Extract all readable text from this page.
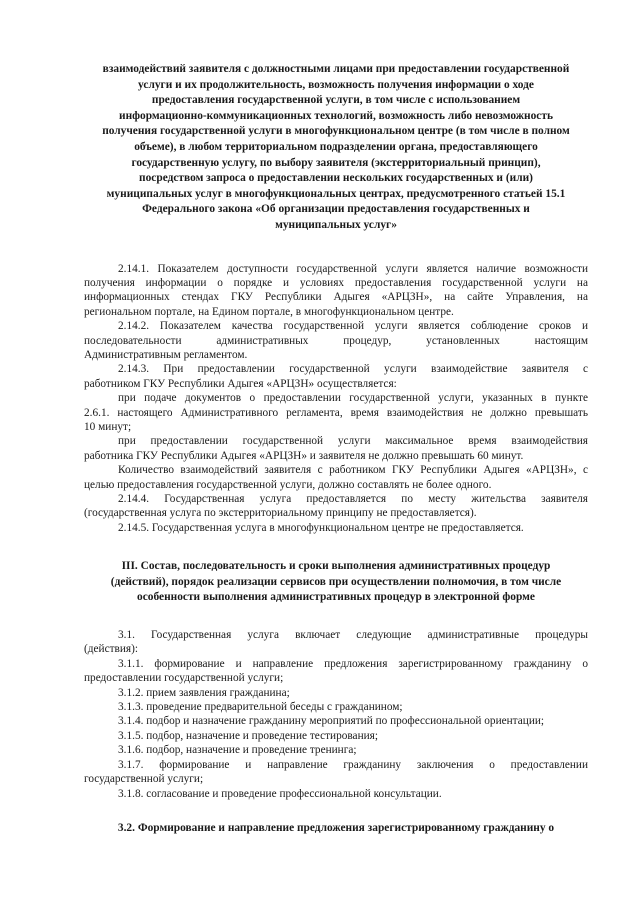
взаимодействий заявителя с должностными лицами при предоставлении государственной
услуги и их продолжительность, возможность получения информации о ходе
предоставления государственной услуги, в том числе с использованием
информационно-коммуникационных технологий, возможность либо невозможность
получения государственной услуги в многофункциональном центре (в том числе в полном
объеме), в любом территориальном подразделении органа, предоставляющего
государственную услугу, по выбору заявителя (экстерриториальный принцип),
посредством запроса о предоставлении нескольких государственных и (или)
муниципальных услуг в многофункциональных центрах, предусмотренного статьей 15.1
Федерального закона «Об организации предоставления государственных и
муниципальных услуг»

2.14.1. Показателем доступности государственной услуги является наличие возможности
получения информации о порядке и условиях предоставления государственной услуги на
информационных стендах ГКУ Республики Адыгея «АРЦЗН», на сайте Управления, на
региональном портале, на Едином портале, в многофункциональном центре.

2.14.2. Показателем качества государственной услуги является соблюдение сроков и
последовательности административных процедур, установленных настоящим
Административным регламентом.

2.14.3. При предоставлении государственной услуги взаимодействие заявителя с
работником ГКУ Республики Адыгея «АРЦЗН» осуществляется:

при подаче документов о предоставлении государственной услуги, указанных в пункте
2.6.1. настоящего Административного регламента, время взаимодействия не должно превышать
10 минут;

при предоставлении государственной услуги максимальное время взаимодействия
работника ГКУ Республики Адыгея «АРЦЗН» и заявителя не должно превышать 60 минут.

Количество взаимодействий заявителя с работником ГКУ Республики Адыгея «АРЦЗН», с
целью предоставления государственной услуги, должно составлять не более одного.

2.14.4. Государственная услуга предоставляется по месту жительства заявителя
(государственная услуга по экстерриториальному принципу не предоставляется).

2.14.5. Государственная услуга в многофункциональном центре не предоставляется.

III. Состав, последовательность и сроки выполнения административных процедур
(действий), порядок реализации сервисов при осуществлении полномочия, в том числе
особенности выполнения административных процедур в электронной форме

3.1. Государственная услуга включает следующие административные процедуры
(действия):

3.1.1. формирование и направление предложения зарегистрированному гражданину о
предоставлении государственной услуги;

3.1.2. прием заявления гражданина;

3.1.3. проведение предварительной беседы с гражданином;

3.1.4. подбор и назначение гражданину мероприятий по профессиональной ориентации;

3.1.5. подбор, назначение и проведение тестирования;

3.1.6. подбор, назначение и проведение тренинга;

3.1.7. формирование и направление гражданину заключения о предоставлении
государственной услуги;

3.1.8. согласование и проведение профессиональной консультации.

3.2. Формирование и направление предложения зарегистрированному гражданину о
